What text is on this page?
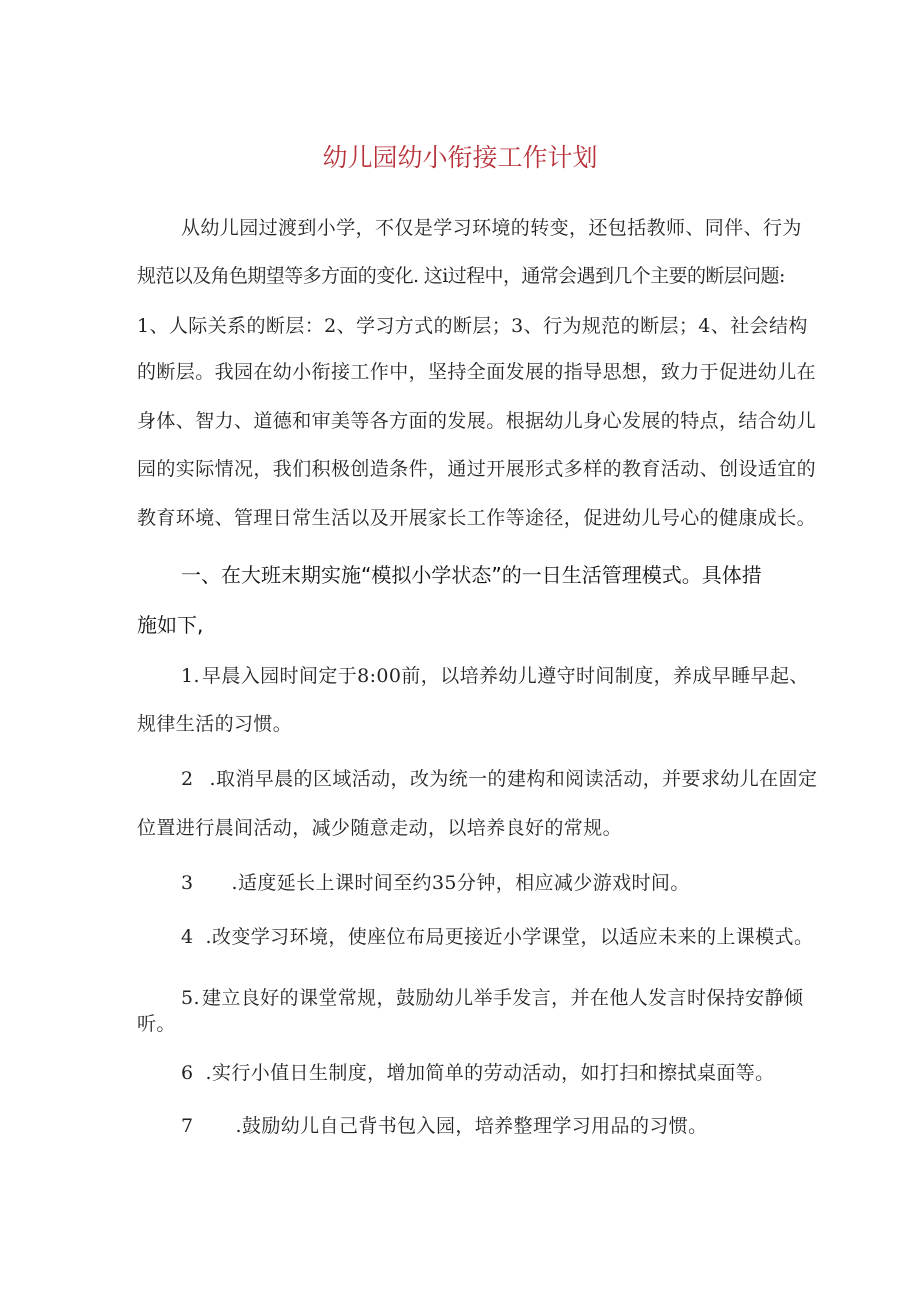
幼儿园幼小衔接工作计划
从幼儿园过渡到小学，不仅是学习环境的转变，还包括教师、同伴、行为
规范以及角色期望等多方面的变化. 这i过程中，通常会遇到几个主要的断层问题:
1、人际关系的断层：2、学习方式的断层；3、行为规范的断层；4、社会结构
的断层。我园在幼小衔接工作中，坚持全面发展的指导思想，致力于促进幼儿在
身体、智力、道德和审美等各方面的发展。根据幼儿身心发展的特点，结合幼儿
园的实际情况，我们积极创造条件，通过开展形式多样的教育活动、创设适宜的
教育环境、管理日常生活以及开展家长工作等途径，促进幼儿号心的健康成长。
一、在大班末期实施“模拟小学状态”的一日生活管理模式。具体措
施如下,
1. 早晨入园时间定于8:00前，以培养幼儿遵守时间制度，养成早睡早起、
规律生活的习惯。
2 .取消早晨的区域活动，改为统一的建构和阅读活动，并要求幼儿在固定
位置进行晨间活动，减少随意走动，以培养良好的常规。
3 .适度延长上课时间至约35分钟，相应减少游戏时间。
4 .改变学习环境，使座位布局更接近小学课堂，以适应未来的上课模式。
5. 建立良好的课堂常规，鼓励幼儿举手发言，并在他人发言时保持安静倾
听。
6 .实行小值日生制度，增加简单的劳动活动，如打扫和擦拭桌面等。
7 .鼓励幼儿自己背书包入园，培养整理学习用品的习惯。
